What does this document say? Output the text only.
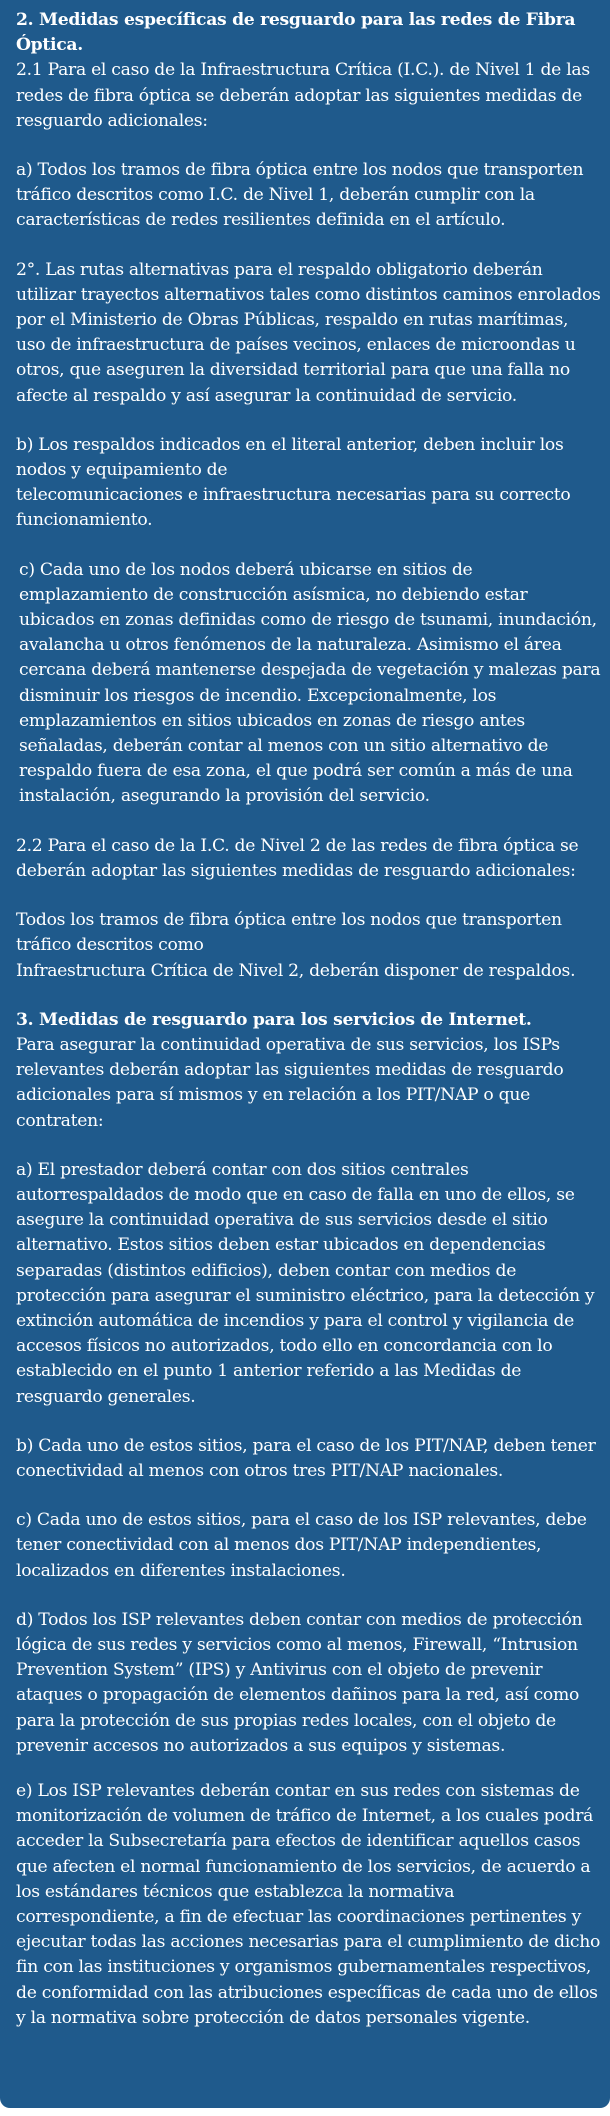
2. Medidas específicas de resguardo para las redes de Fibra Óptica.
2.1 Para el caso de la Infraestructura Crítica (I.C.). de Nivel 1 de las redes de fibra óptica se deberán adoptar las siguientes medidas de resguardo adicionales:

a) Todos los tramos de fibra óptica entre los nodos que transporten tráfico descritos como I.C. de Nivel 1, deberán cumplir con la características de redes resilientes definida en el artículo.

2°. Las rutas alternativas para el respaldo obligatorio deberán utilizar trayectos alternativos tales como distintos caminos enrolados por el Ministerio de Obras Públicas, respaldo en rutas marítimas, uso de infraestructura de países vecinos, enlaces de microondas u otros, que aseguren la diversidad territorial para que una falla no afecte al respaldo y así asegurar la continuidad de servicio.

b) Los respaldos indicados en el literal anterior, deben incluir los nodos y equipamiento de
telecomunicaciones e infraestructura necesarias para su correcto funcionamiento.

c) Cada uno de los nodos deberá ubicarse en sitios de emplazamiento de construcción asísmica, no debiendo estar ubicados en zonas definidas como de riesgo de tsunami, inundación, avalancha u otros fenómenos de la naturaleza. Asimismo el área cercana deberá mantenerse despejada de vegetación y malezas para disminuir los riesgos de incendio. Excepcionalmente, los emplazamientos en sitios ubicados en zonas de riesgo antes señaladas, deberán contar al menos con un sitio alternativo de respaldo fuera de esa zona, el que podrá ser común a más de una instalación, asegurando la provisión del servicio.

2.2 Para el caso de la I.C. de Nivel 2 de las redes de fibra óptica se deberán adoptar las siguientes medidas de resguardo adicionales:

Todos los tramos de fibra óptica entre los nodos que transporten tráfico descritos como
Infraestructura Crítica de Nivel 2, deberán disponer de respaldos.

3. Medidas de resguardo para los servicios de Internet.
Para asegurar la continuidad operativa de sus servicios, los ISPs relevantes deberán adoptar las siguientes medidas de resguardo adicionales para sí mismos y en relación a los PIT/NAP o que contraten:

a) El prestador deberá contar con dos sitios centrales autorrespaldados de modo que en caso de falla en uno de ellos, se asegure la continuidad operativa de sus servicios desde el sitio alternativo. Estos sitios deben estar ubicados en dependencias separadas (distintos edificios), deben contar con medios de protección para asegurar el suministro eléctrico, para la detección y extinción automática de incendios y para el control y vigilancia de accesos físicos no autorizados, todo ello en concordancia con lo establecido en el punto 1 anterior referido a las Medidas de resguardo generales.

b) Cada uno de estos sitios, para el caso de los PIT/NAP, deben tener conectividad al menos con otros tres PIT/NAP nacionales.

c) Cada uno de estos sitios, para el caso de los ISP relevantes, debe tener conectividad con al menos dos PIT/NAP independientes, localizados en diferentes instalaciones.

d) Todos los ISP relevantes deben contar con medios de protección lógica de sus redes y servicios como al menos, Firewall, “Intrusion Prevention System” (IPS) y Antivirus con el objeto de prevenir ataques o propagación de elementos dañinos para la red, así como para la protección de sus propias redes locales, con el objeto de prevenir accesos no autorizados a sus equipos y sistemas.

e) Los ISP relevantes deberán contar en sus redes con sistemas de monitorización de volumen de tráfico de Internet, a los cuales podrá acceder la Subsecretaría para efectos de identificar aquellos casos que afecten el normal funcionamiento de los servicios, de acuerdo a los estándares técnicos que establezca la normativa correspondiente, a fin de efectuar las coordinaciones pertinentes y ejecutar todas las acciones necesarias para el cumplimiento de dicho fin con las instituciones y organismos gubernamentales respectivos, de conformidad con las atribuciones específicas de cada uno de ellos y la normativa sobre protección de datos personales vigente.
